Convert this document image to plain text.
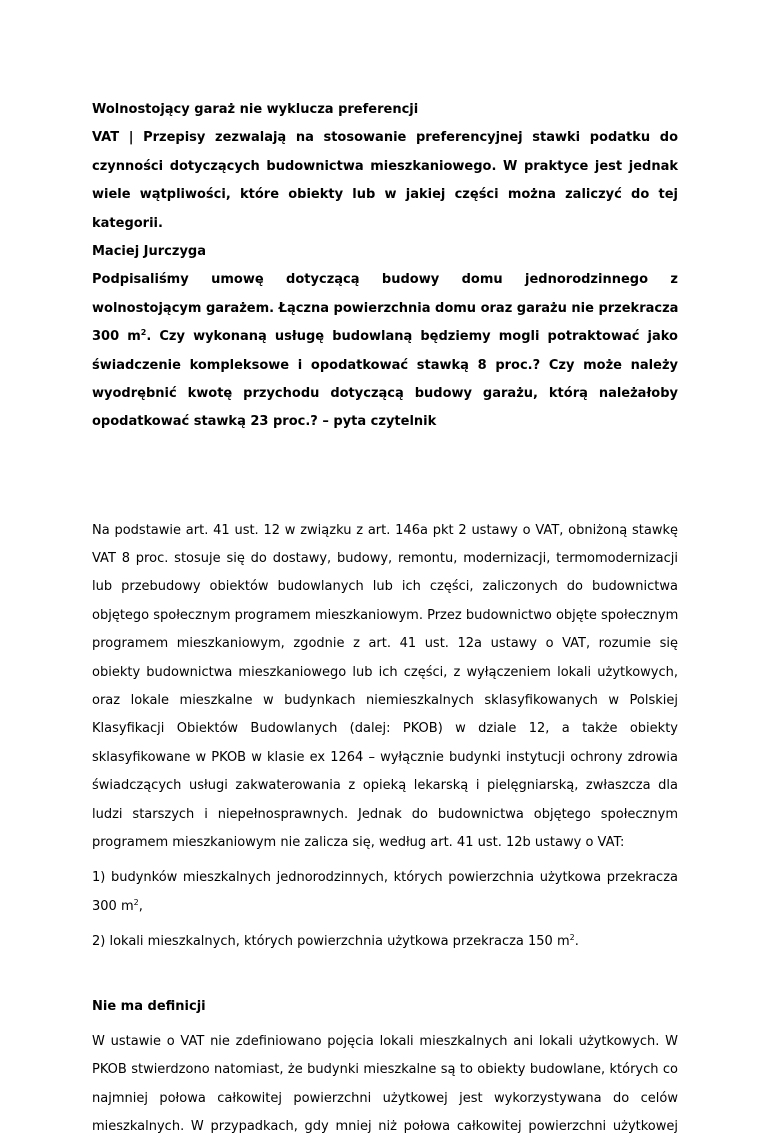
Wolnostojący garaż nie wyklucza preferencji

VAT | Przepisy zezwalają na stosowanie preferencyjnej stawki podatku do

czynności dotyczących budownictwa mieszkaniowego. W praktyce jest jednak

wiele wątpliwości, które obiekty lub w jakiej części można zaliczyć do tej

kategorii.

Maciej Jurczyga

Podpisaliśmy umowę dotyczącą budowy domu jednorodzinnego z

wolnostojącym garażem. Łączna powierzchnia domu oraz garażu nie przekracza

300 $m^2$. Czy wykonaną usługę budowlaną będziemy mogli potraktować jako

świadczenie kompleksowe i opodatkować stawką 8 proc.? Czy może należy

wyodrębnić kwotę przychodu dotyczącą budowy garażu, którą należałoby

opodatkować stawką 23 proc.? – pyta czytelnik

Na podstawie art. 41 ust. 12 w związku z art. 146a pkt 2 ustawy o VAT, obniżoną stawkę

VAT 8 proc. stosuje się do dostawy, budowy, remontu, modernizacji, termomodernizacji

lub przebudowy obiektów budowlanych lub ich części, zaliczonych do budownictwa

objętego społecznym programem mieszkaniowym. Przez budownictwo objęte społecznym

programem mieszkaniowym, zgodnie z art. 41 ust. 12a ustawy o VAT, rozumie się

obiekty budownictwa mieszkaniowego lub ich części, z wyłączeniem lokali użytkowych,

oraz lokale mieszkalne w budynkach niemieszkalnych sklasyfikowanych w Polskiej

Klasyfikacji Obiektów Budowlanych (dalej: PKOB) w dziale 12, a także obiekty

sklasyfikowane w PKOB w klasie ex 1264 – wyłącznie budynki instytucji ochrony zdrowia

świadczących usługi zakwaterowania z opieką lekarską i pielęgniarską, zwłaszcza dla

ludzi starszych i niepełnosprawnych. Jednak do budownictwa objętego społecznym

programem mieszkaniowym nie zalicza się, według art. 41 ust. 12b ustawy o VAT:

1) budynków mieszkalnych jednorodzinnych, których powierzchnia użytkowa przekracza

300 $m^2$,

2) lokali mieszkalnych, których powierzchnia użytkowa przekracza 150 $m^2$.

Nie ma definicji

W ustawie o VAT nie zdefiniowano pojęcia lokali mieszkalnych ani lokali użytkowych. W

PKOB stwierdzono natomiast, że budynki mieszkalne są to obiekty budowlane, których co

najmniej połowa całkowitej powierzchni użytkowej jest wykorzystywana do celów

mieszkalnych. W przypadkach, gdy mniej niż połowa całkowitej powierzchni użytkowej
